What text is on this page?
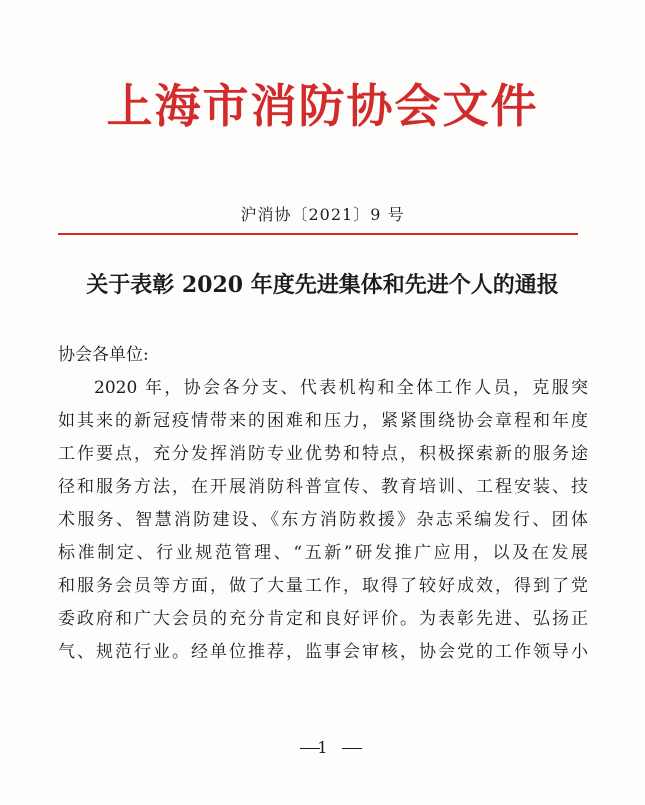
上海市消防协会文件
沪消协〔2021〕9 号
关于表彰 2020 年度先进集体和先进个人的通报
协会各单位:
2020 年，协会各分支、代表机构和全体工作人员，克服突
如其来的新冠疫情带来的困难和压力，紧紧围绕协会章程和年度
工作要点，充分发挥消防专业优势和特点，积极探索新的服务途
径和服务方法，在开展消防科普宣传、教育培训、工程安装、技
术服务、智慧消防建设、《东方消防救援》杂志采编发行、团体
标准制定、行业规范管理、“五新”研发推广应用，以及在发展
和服务会员等方面，做了大量工作，取得了较好成效，得到了党
委政府和广大会员的充分肯定和良好评价。为表彰先进、弘扬正
气、规范行业。经单位推荐，监事会审核，协会党的工作领导小
1
